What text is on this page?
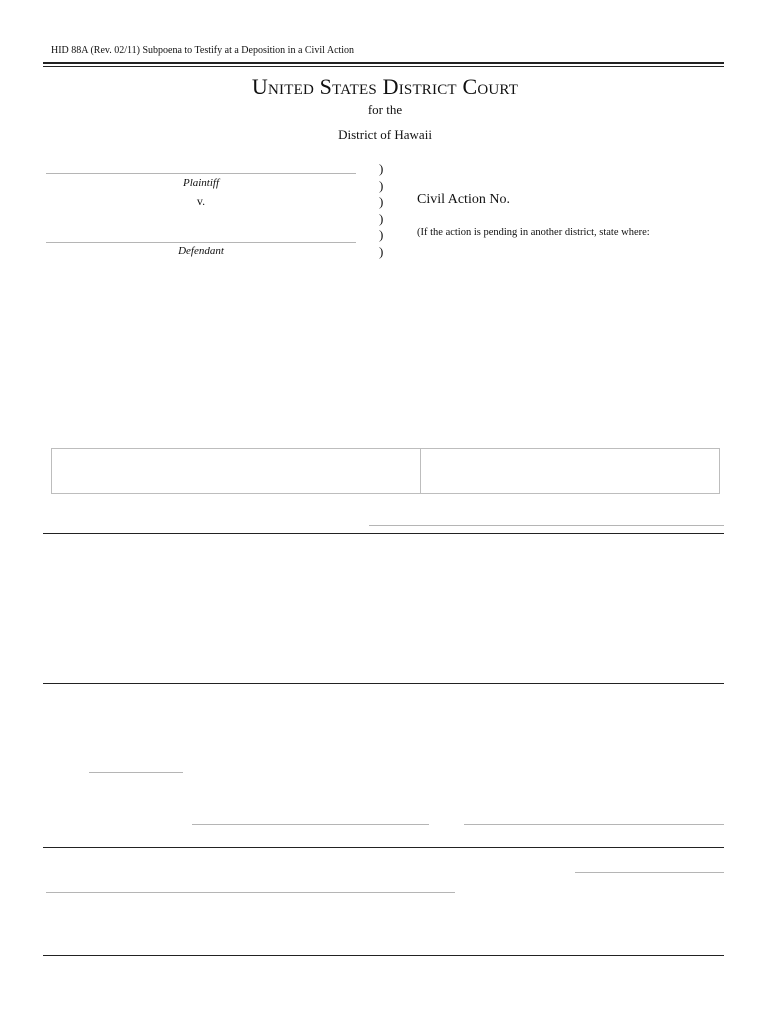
HID 88A (Rev. 02/11) Subpoena to Testify at a Deposition in a Civil Action
United States District Court
for the
District of Hawaii
Plaintiff
v.
Defendant
)
)
)
)
)
)
Civil Action No.
(If the action is pending in another district, state where:
